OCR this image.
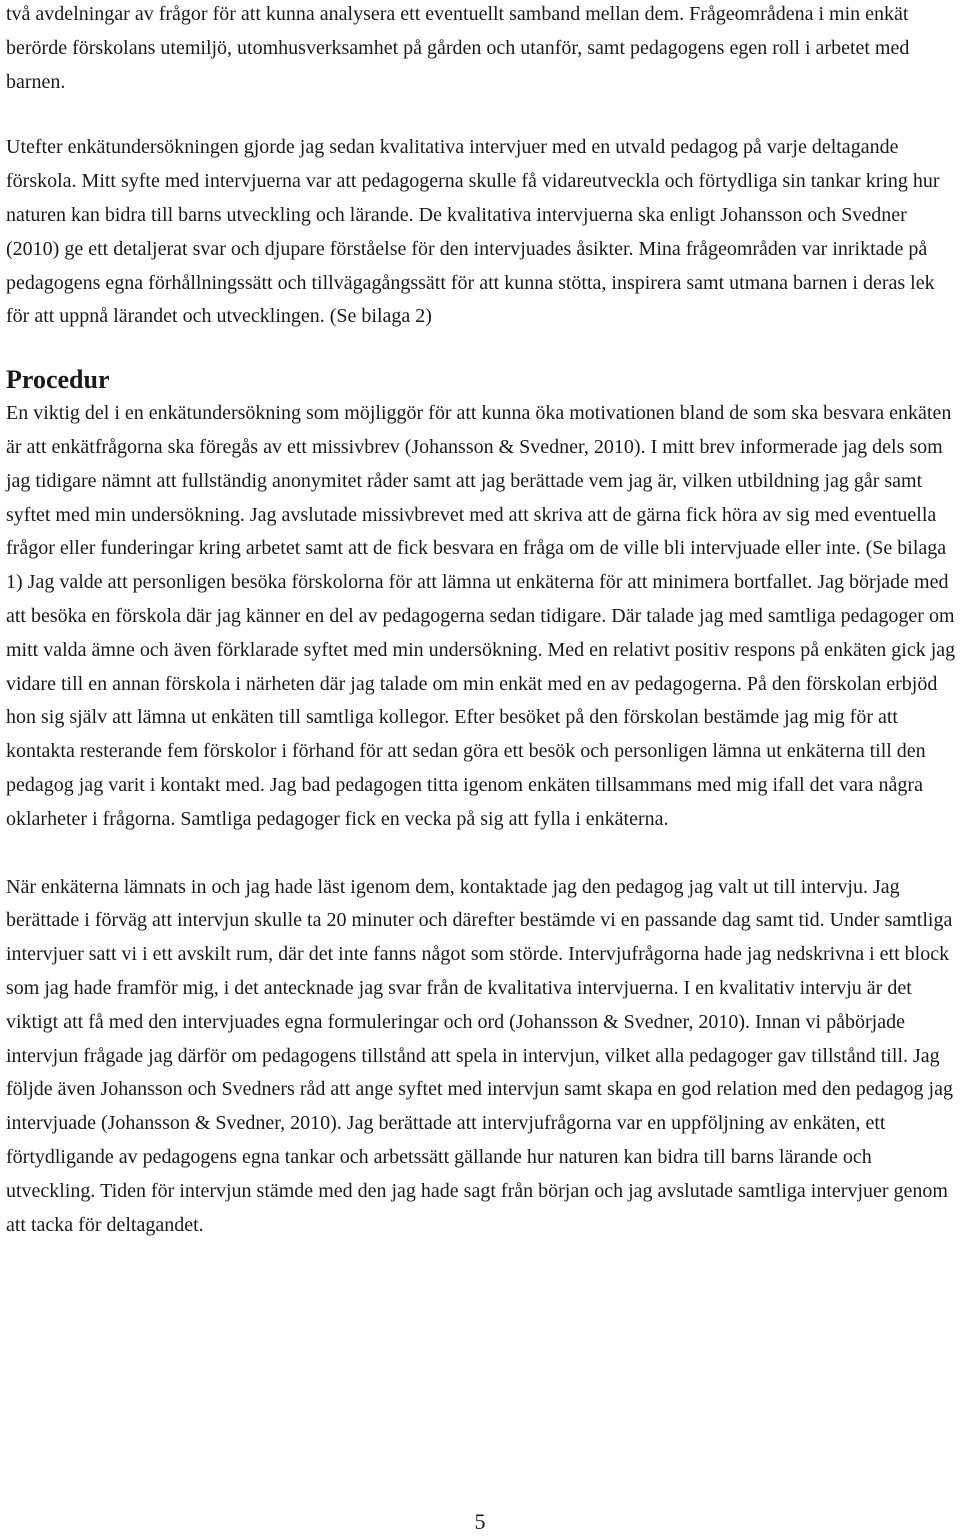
två avdelningar av frågor för att kunna analysera ett eventuellt samband mellan dem. Frågeområdena i min enkät berörde förskolans utemiljö, utomhusverksamhet på gården och utanför, samt pedagogens egen roll i arbetet med barnen.

Utefter enkätundersökningen gjorde jag sedan kvalitativa intervjuer med en utvald pedagog på varje deltagande förskola. Mitt syfte med intervjuerna var att pedagogerna skulle få vidareutveckla och förtydliga sin tankar kring hur naturen kan bidra till barns utveckling och lärande. De kvalitativa intervjuerna ska enligt Johansson och Svedner (2010) ge ett detaljerat svar och djupare förståelse för den intervjuades åsikter. Mina frågeområden var inriktade på pedagogens egna förhållningssätt och tillvägagångssätt för att kunna stötta, inspirera samt utmana barnen i deras lek för att uppnå lärandet och utvecklingen. (Se bilaga 2)

Procedur

En viktig del i en enkätundersökning som möjliggör för att kunna öka motivationen bland de som ska besvara enkäten är att enkätfrågorna ska föregås av ett missivbrev (Johansson & Svedner, 2010). I mitt brev informerade jag dels som jag tidigare nämnt att fullständig anonymitet råder samt att jag berättade vem jag är, vilken utbildning jag går samt syftet med min undersökning. Jag avslutade missivbrevet med att skriva att de gärna fick höra av sig med eventuella frågor eller funderingar kring arbetet samt att de fick besvara en fråga om de ville bli intervjuade eller inte. (Se bilaga 1) Jag valde att personligen besöka förskolorna för att lämna ut enkäterna för att minimera bortfallet. Jag började med att besöka en förskola där jag känner en del av pedagogerna sedan tidigare. Där talade jag med samtliga pedagoger om mitt valda ämne och även förklarade syftet med min undersökning. Med en relativt positiv respons på enkäten gick jag vidare till en annan förskola i närheten där jag talade om min enkät med en av pedagogerna. På den förskolan erbjöd hon sig själv att lämna ut enkäten till samtliga kollegor. Efter besöket på den förskolan bestämde jag mig för att kontakta resterande fem förskolor i förhand för att sedan göra ett besök och personligen lämna ut enkäterna till den pedagog jag varit i kontakt med. Jag bad pedagogen titta igenom enkäten tillsammans med mig ifall det vara några oklarheter i frågorna. Samtliga pedagoger fick en vecka på sig att fylla i enkäterna.

När enkäterna lämnats in och jag hade läst igenom dem, kontaktade jag den pedagog jag valt ut till intervju. Jag berättade i förväg att intervjun skulle ta 20 minuter och därefter bestämde vi en passande dag samt tid. Under samtliga intervjuer satt vi i ett avskilt rum, där det inte fanns något som störde. Intervjufrågorna hade jag nedskrivna i ett block som jag hade framför mig, i det antecknade jag svar från de kvalitativa intervjuerna. I en kvalitativ intervju är det viktigt att få med den intervjuades egna formuleringar och ord (Johansson & Svedner, 2010). Innan vi påbörjade intervjun frågade jag därför om pedagogens tillstånd att spela in intervjun, vilket alla pedagoger gav tillstånd till. Jag följde även Johansson och Svedners råd att ange syftet med intervjun samt skapa en god relation med den pedagog jag intervjuade (Johansson & Svedner, 2010). Jag berättade att intervjufrågorna var en uppföljning av enkäten, ett förtydligande av pedagogens egna tankar och arbetssätt gällande hur naturen kan bidra till barns lärande och utveckling. Tiden för intervjun stämde med den jag hade sagt från början och jag avslutade samtliga intervjuer genom att tacka för deltagandet.

5
